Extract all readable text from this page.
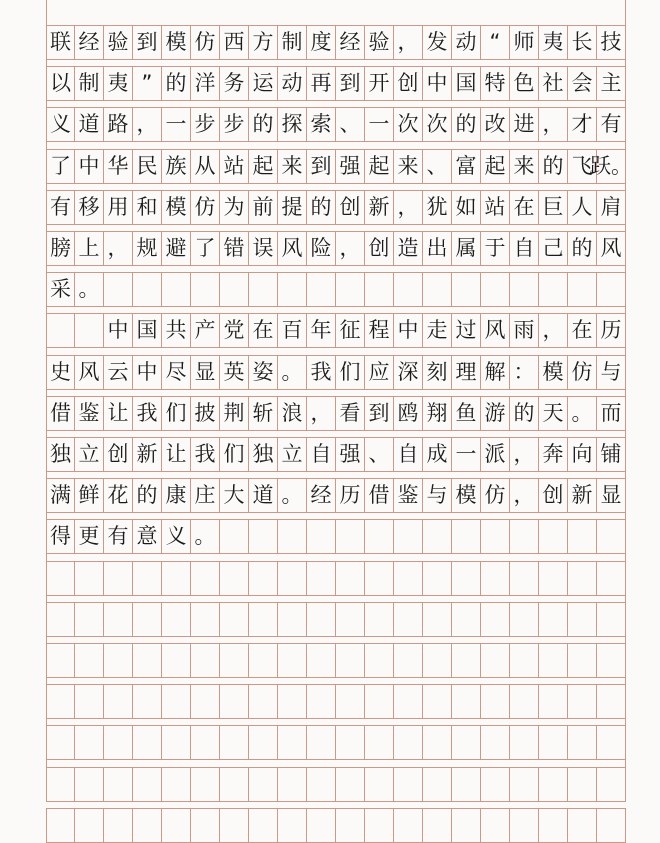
联 经 验 到 模 仿 西 方 制 度 经 验 ， 发 动 “ 师 夷 长 技
以 制 夷 ” 的 洋 务 运 动 再 到 开 创 中 国 特 色 社 会 主
义 道 路 ， 一 步 步 的 探 索 、 一 次 次 的 改 进 ， 才 有
了 中 华 民 族 从 站 起 来 到 强 起 来 、 富 起 来 的 飞
跃。
有 移 用 和 模 仿 为 前 提 的 创 新 ， 犹 如 站 在 巨 人 肩
膀 上 ， 规 避 了 错 误 风 险 ， 创 造 出 属 于 自 己 的 风
采 。
中 国 共 产 党 在 百 年 征 程 中 走 过 风 雨 ， 在 历
史 风 云 中 尽 显 英 姿 。 我 们 应 深 刻 理 解 ： 模 仿 与
借 鉴 让 我 们 披 荆 斩 浪 ， 看 到 鸥 翔 鱼 游 的 天 。 而
独 立 创 新 让 我 们 独 立 自 强 、 自 成 一 派 ， 奔 向 铺
满 鲜 花 的 康 庄 大 道 。 经 历 借 鉴 与 模 仿 ， 创 新 显
得 更 有 意 义 。
